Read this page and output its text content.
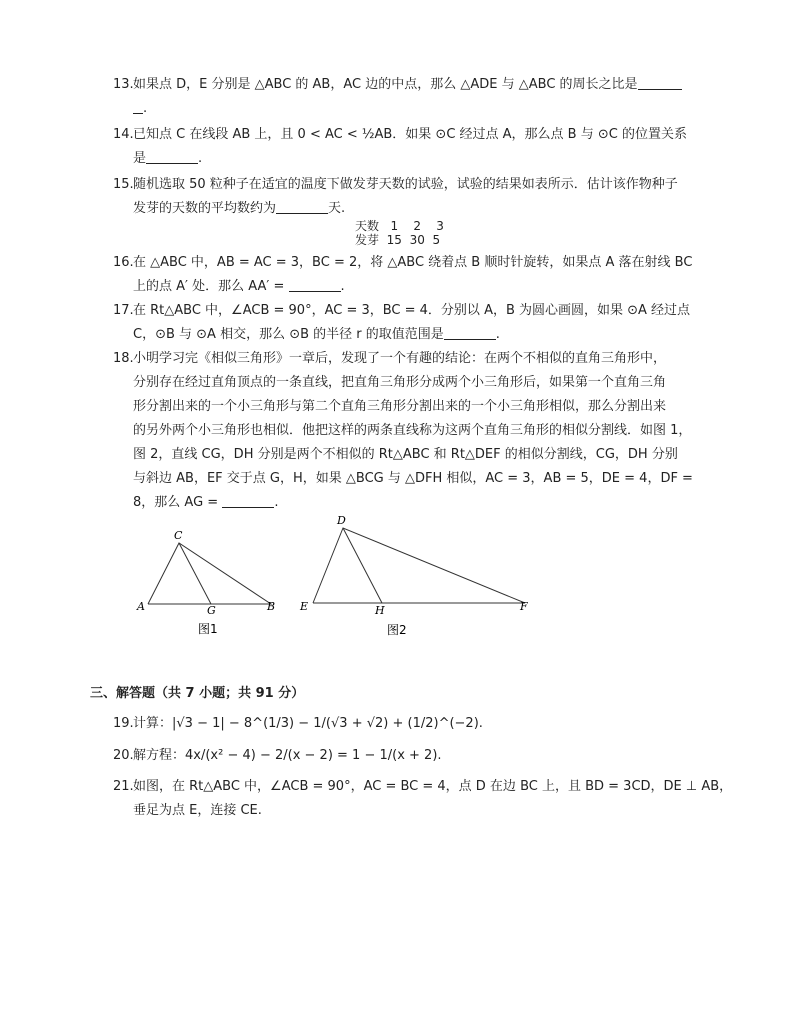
13. 如果点 D，E 分别是 △ABC 的 AB，AC 边的中点，那么 △ADE 与 △ABC 的周长之比是
.
14. 已知点 C 在线段 AB 上，且 0 < AC < ½AB．如果 ⊙C 经过点 A，那么点 B 与 ⊙C 的位置关系
是	.
15. 随机选取 50 粒种子在适宜的温度下做发芽天数的试验，试验的结果如表所示．估计该作物种子
发芽的天数的平均数约为	天.
天数 1 2 3
发芽 15 30 5
16. 在 △ABC 中，AB = AC = 3，BC = 2，将 △ABC 绕着点 B 顺时针旋转，如果点 A 落在射线 BC
上的点 A′ 处．那么 AA′ =	.
17. 在 Rt△ABC 中，∠ACB = 90°，AC = 3，BC = 4．分别以 A，B 为圆心画圆，如果 ⊙A 经过点
C，⊙B 与 ⊙A 相交，那么 ⊙B 的半径 r 的取值范围是	.
18. 小明学习完《相似三角形》一章后，发现了一个有趣的结论：在两个不相似的直角三角形中，
分别存在经过直角顶点的一条直线，把直角三角形分成两个小三角形后，如果第一个直角三角
形分割出来的一个小三角形与第二个直角三角形分割出来的一个小三角形相似，那么分割出来
的另外两个小三角形也相似．他把这样的两条直线称为这两个直角三角形的相似分割线．如图 1，
图 2，直线 CG，DH 分别是两个不相似的 Rt△ABC 和 Rt△DEF 的相似分割线，CG，DH 分别
与斜边 AB，EF 交于点 G，H，如果 △BCG 与 △DFH 相似，AC = 3，AB = 5，DE = 4，DF =
8，那么 AG =	.
A
C
G	B
图1
D
E	H	F
图2
三、解答题（共 7 小题；共 91 分）
19. 计算：|√3 − 1| − 8^(1/3) − 1/(√3 + √2) + (1/2)^(−2).
20. 解方程：4x/(x² − 4) − 2/(x − 2) = 1 − 1/(x + 2).
21. 如图，在 Rt△ABC 中，∠ACB = 90°，AC = BC = 4，点 D 在边 BC 上，且 BD = 3CD，DE ⊥ AB，
垂足为点 E，连接 CE.
